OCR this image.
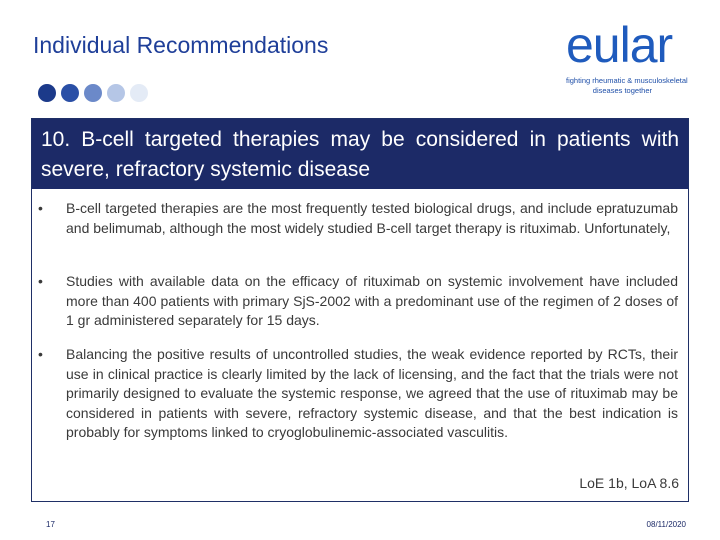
Individual Recommendations	eular
fighting rheumatic & musculoskeletal
diseases together
10. B-cell targeted therapies may be considered in patients with severe, refractory systemic disease
• B-cell targeted therapies are the most frequently tested biological drugs, and include epratuzumab and belimumab, although the most widely studied B-cell target therapy is rituximab. Unfortunately,
• Studies with available data on the efficacy of rituximab on systemic involvement have included more than 400 patients with primary SjS-2002 with a predominant use of the regimen of 2 doses of 1 gr administered separately for 15 days.
• Balancing the positive results of uncontrolled studies, the weak evidence reported by RCTs, their use in clinical practice is clearly limited by the lack of licensing, and the fact that the trials were not primarily designed to evaluate the systemic response, we agreed that the use of rituximab may be considered in patients with severe, refractory systemic disease, and that the best indication is probably for symptoms linked to cryoglobulinemic-associated vasculitis.
LoE 1b, LoA 8.6
17	08/11/2020
